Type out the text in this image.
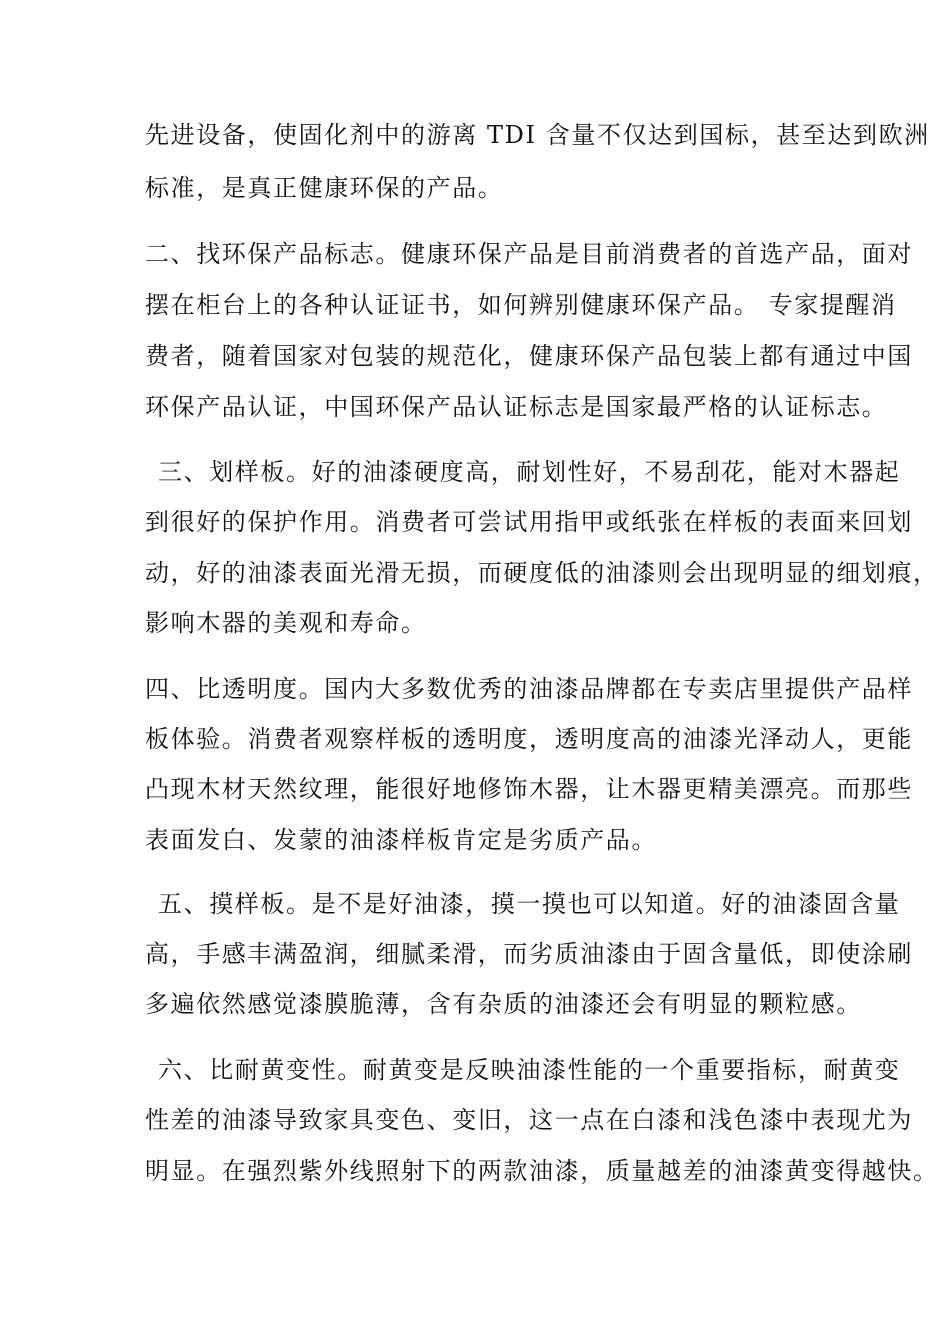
先进设备，使固化剂中的游离 TDI 含量不仅达到国标，甚至达到欧洲
标准，是真正健康环保的产品。
二、找环保产品标志。健康环保产品是目前消费者的首选产品，面对
摆在柜台上的各种认证证书，如何辨别健康环保产品。 专家提醒消
费者，随着国家对包装的规范化，健康环保产品包装上都有通过中国
环保产品认证，中国环保产品认证标志是国家最严格的认证标志。
三、划样板。好的油漆硬度高，耐划性好，不易刮花，能对木器起
到很好的保护作用。消费者可尝试用指甲或纸张在样板的表面来回划
动，好的油漆表面光滑无损，而硬度低的油漆则会出现明显的细划痕，
影响木器的美观和寿命。
四、比透明度。国内大多数优秀的油漆品牌都在专卖店里提供产品样
板体验。消费者观察样板的透明度，透明度高的油漆光泽动人，更能
凸现木材天然纹理，能很好地修饰木器，让木器更精美漂亮。而那些
表面发白、发蒙的油漆样板肯定是劣质产品。
五、摸样板。是不是好油漆，摸一摸也可以知道。好的油漆固含量
高，手感丰满盈润，细腻柔滑，而劣质油漆由于固含量低，即使涂刷
多遍依然感觉漆膜脆薄，含有杂质的油漆还会有明显的颗粒感。
六、比耐黄变性。耐黄变是反映油漆性能的一个重要指标，耐黄变
性差的油漆导致家具变色、变旧，这一点在白漆和浅色漆中表现尤为
明显。在强烈紫外线照射下的两款油漆，质量越差的油漆黄变得越快。
